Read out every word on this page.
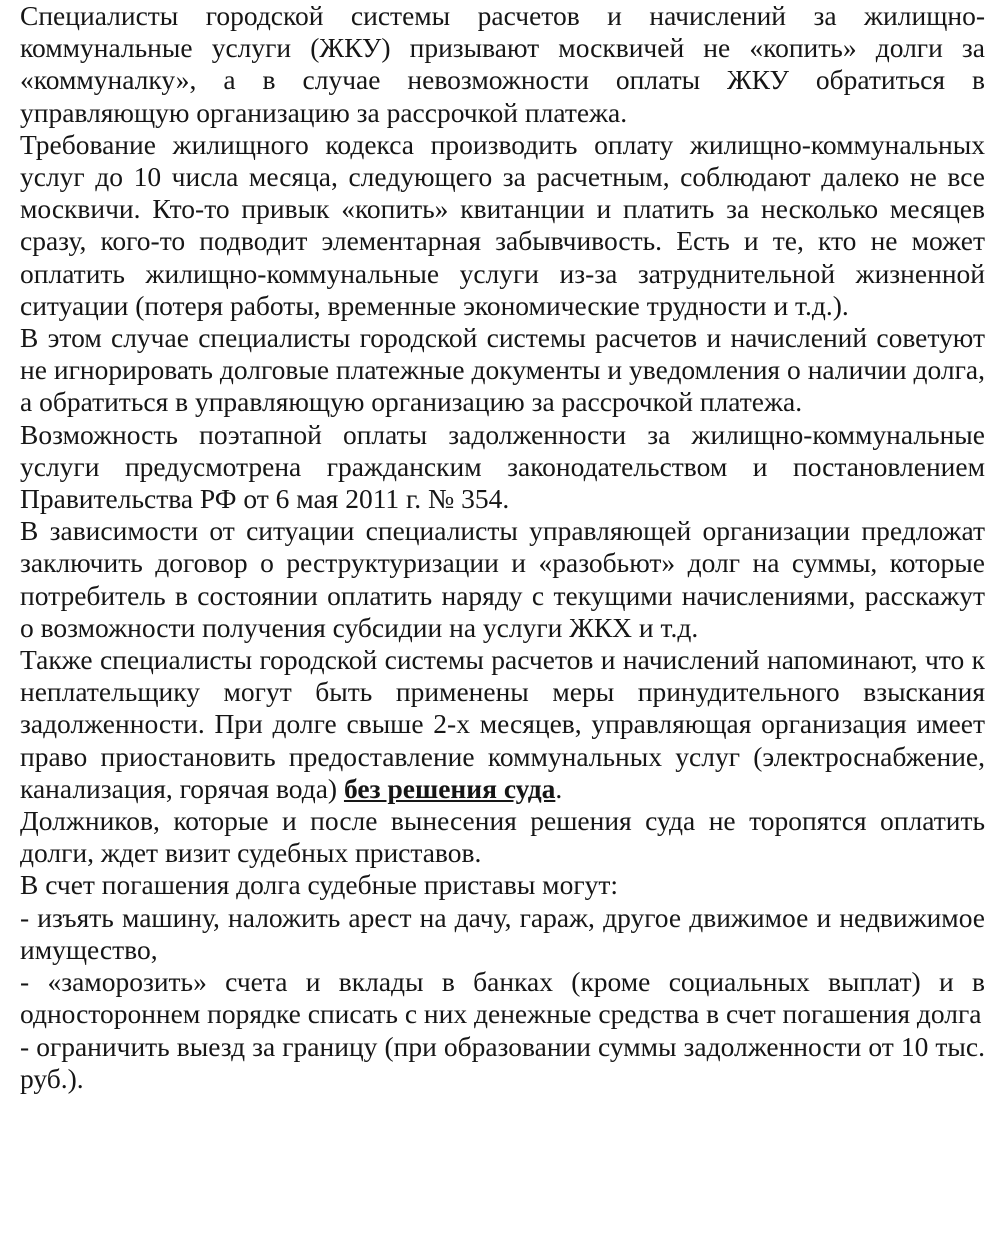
Специалисты городской системы расчетов и начислений за жилищно-коммунальные услуги (ЖКУ) призывают москвичей не «копить» долги за «коммуналку», а в случае невозможности оплаты ЖКУ обратиться в управляющую организацию за рассрочкой платежа.

Требование жилищного кодекса производить оплату жилищно-коммунальных услуг до 10 числа месяца, следующего за расчетным, соблюдают далеко не все москвичи. Кто-то привык «копить» квитанции и платить за несколько месяцев сразу, кого-то подводит элементарная забывчивость. Есть и те, кто не может оплатить жилищно-коммунальные услуги из-за затруднительной жизненной ситуации (потеря работы, временные экономические трудности и т.д.).

В этом случае специалисты городской системы расчетов и начислений советуют не игнорировать долговые платежные документы и уведомления о наличии долга, а обратиться в управляющую организацию за рассрочкой платежа.

Возможность поэтапной оплаты задолженности за жилищно-коммунальные услуги предусмотрена гражданским законодательством и постановлением Правительства РФ от 6 мая 2011 г. № 354.

В зависимости от ситуации специалисты управляющей организации предложат заключить договор о реструктуризации и «разобьют» долг на суммы, которые потребитель в состоянии оплатить наряду с текущими начислениями, расскажут о возможности получения субсидии на услуги ЖКХ и т.д.

Также специалисты городской системы расчетов и начислений напоминают, что к неплательщику могут быть применены меры принудительного взыскания задолженности. При долге свыше 2-х месяцев, управляющая организация имеет право приостановить предоставление коммунальных услуг (электроснабжение, канализация, горячая вода) без решения суда.

Должников, которые и после вынесения решения суда не торопятся оплатить долги, ждет визит судебных приставов.

В счет погашения долга судебные приставы могут:

- изъять машину, наложить арест на дачу, гараж, другое движимое и недвижимое имущество,

- «заморозить» счета и вклады в банках (кроме социальных выплат) и в одностороннем порядке списать с них денежные средства в счет погашения долга

- ограничить выезд за границу (при образовании суммы задолженности от 10 тыс. руб.).
